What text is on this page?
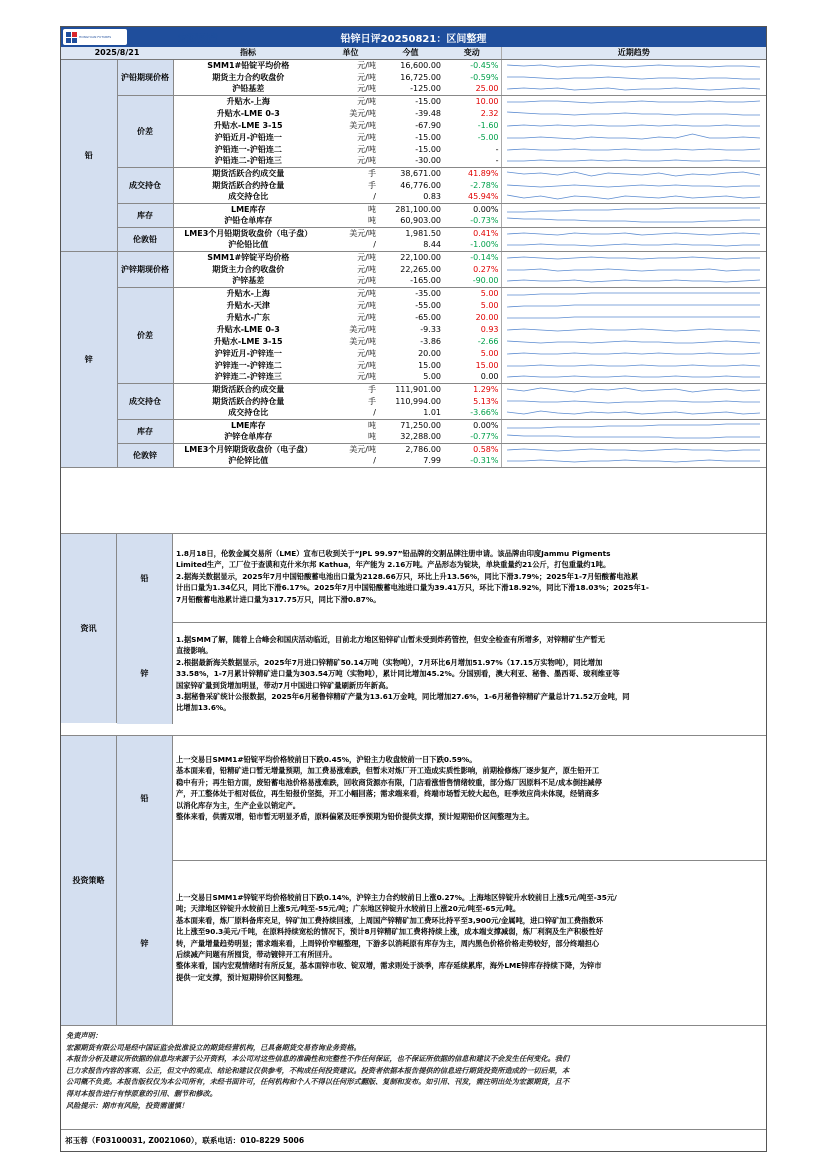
宏源期货
HONGYUAN FUTURES	铅锌日评20250821：区间整理
2025/8/21		指标	单位	今值	变动	近期趋势
铅	沪铅期现价格	SMM1#铅锭平均价格	元/吨	16,600.00	-0.45%	

		期货主力合约收盘价	元/吨	16,725.00	-0.59%	

		沪铅基差	元/吨	-125.00	25.00	

	价差	升贴水-上海	元/吨	-15.00	10.00	

		升贴水-LME 0-3	美元/吨	-39.48	2.32	

		升贴水-LME 3-15	美元/吨	-67.90	-1.60	

		沪铅近月-沪铅连一	元/吨	-15.00	-5.00	

		沪铅连一-沪铅连二	元/吨	-15.00	-	

		沪铅连二-沪铅连三	元/吨	-30.00	-	

	成交持仓	期货活跃合约成交量	手	38,671.00	41.89%	

		期货活跃合约持仓量	手	46,776.00	-2.78%	

		成交持仓比	/	0.83	45.94%	

	库存	LME库存	吨	281,100.00	0.00%	

		沪铅仓单库存	吨	60,903.00	-0.73%	

	伦敦铅	LME3个月铅期货收盘价（电子盘）	美元/吨	1,981.50	0.41%	

		沪伦铅比值	/	8.44	-1.00%	

锌	沪锌期现价格	SMM1#锌锭平均价格	元/吨	22,100.00	-0.14%	

		期货主力合约收盘价	元/吨	22,265.00	0.27%	

		沪锌基差	元/吨	-165.00	-90.00	

	价差	升贴水-上海	元/吨	-35.00	5.00	

		升贴水-天津	元/吨	-55.00	5.00	

		升贴水-广东	元/吨	-65.00	20.00	

		升贴水-LME 0-3	美元/吨	-9.33	0.93	

		升贴水-LME 3-15	美元/吨	-3.86	-2.66	

		沪锌近月-沪锌连一	元/吨	20.00	5.00	

		沪锌连一-沪锌连二	元/吨	15.00	15.00	

		沪锌连二-沪锌连三	元/吨	5.00	0.00	

	成交持仓	期货活跃合约成交量	手	111,901.00	1.29%	

		期货活跃合约持仓量	手	110,994.00	5.13%	

		成交持仓比	/	1.01	-3.66%	

	库存	LME库存	吨	71,250.00	0.00%	

		沪锌仓单库存	吨	32,288.00	-0.77%	

	伦敦锌	LME3个月锌期货收盘价（电子盘）	美元/吨	2,786.00	0.58%	

		沪伦锌比值	/	7.99	-0.31%	
资讯
铅
1.8月18日，伦敦金属交易所（LME）宣布已收到关于“JPL 99.97”铅品牌的交割品牌注册申请。该品牌由印度Jammu Pigments
Limited生产，工厂位于查谟和克什米尔邦 Kathua，年产能为 2.16万吨。产品形态为锭块，单块重量约21公斤，打包重量约1吨。
2.据海关数据显示，2025年7月中国铅酸蓄电池出口量为2128.66万只，环比上升13.56%，同比下滑3.79%；2025年1-7月铅酸蓄电池累
计出口量为1.34亿只，同比下滑6.17%。2025年7月中国铅酸蓄电池进口量为39.41万只，环比下滑18.92%，同比下滑18.03%；2025年1-
7月铅酸蓄电池累计进口量为317.75万只，同比下滑0.87%。
锌
1.据SMM了解，随着上合峰会和国庆活动临近，目前北方地区铅锌矿山暂未受到炸药管控，但安全检查有所增多，对锌精矿生产暂无
直接影响。
2.根据最新海关数据显示，2025年7月进口锌精矿50.14万吨（实物吨），7月环比6月增加51.97%（17.15万实物吨），同比增加
33.58%，1-7月累计锌精矿进口量为303.54万吨（实物吨），累计同比增加45.2%。分国别看，澳大利亚、秘鲁、墨西哥、玻利维亚等
国家锌矿量到货增加明显，带动7月中国进口锌矿量刷新历年新高。
3.据秘鲁采矿统计公报数据，2025年6月秘鲁锌精矿产量为13.61万金吨，同比增加27.6%，1-6月秘鲁锌精矿产量总计71.52万金吨，同
比增加13.6%。
投资策略
铅
上一交易日SMM1#铅锭平均价格较前日下跌0.45%，沪铅主力收盘较前一日下跌0.59%。
基本面来看，铅精矿进口暂无增量预期，加工费易涨难跌，但暂未对炼厂开工造成实质性影响，前期检修炼厂逐步复产，原生铅开工
稳中有升；再生铅方面，废铅蓄电池价格易涨难跌，回收商货源亦有限，门店看涨惜售情绪较重，部分炼厂因原料不足/成本倒挂减停
产，开工整体处于相对低位，再生铅报价坚挺，开工小幅回落；需求端来看，终端市场暂无较大起色，旺季效应尚未体现，经销商多
以消化库存为主，生产企业以销定产。
整体来看，供需双增，铅市暂无明显矛盾，原料偏紧及旺季预期为铅价提供支撑，预计短期铅价区间整理为主。
锌
上一交易日SMM1#锌锭平均价格较前日下跌0.14%，沪锌主力合约较前日上涨0.27%。上海地区锌锭升水较前日上涨5元/吨至-35元/
吨；天津地区锌锭升水较前日上涨5元/吨至-55元/吨；广东地区锌锭升水较前日上涨20元/吨至-65元/吨。
基本面来看，炼厂原料备库充足，锌矿加工费持续回涨，上周国产锌精矿加工费环比持平至3,900元/金属吨，进口锌矿加工费指数环
比上涨至90.3美元/千吨，在原料持续宽松的情况下，预计8月锌精矿加工费将持续上涨，成本端支撑减弱，炼厂利润及生产积极性好
转，产量增量趋势明显；需求端来看，上周锌价窄幅整理，下游多以消耗原有库存为主，周内黑色价格价格走势较好，部分终端担心
后续减产问题有所囤货，带动镀锌开工有所回升。
整体来看，国内宏观情绪时有所反复，基本面锌市收、锭双增，需求则处于淡季，库存延续累库，海外LME锌库存持续下降，为锌市
提供一定支撑，预计短期锌价区间整理。
免责声明：
宏源期货有限公司是经中国证监会批准设立的期货经营机构，已具备期货交易咨询业务资格。
本报告分析及建议所依据的信息均来源于公开资料，本公司对这些信息的准确性和完整性不作任何保证，也不保证所依据的信息和建议不会发生任何变化。我们
已力求报告内容的客观、公正，但文中的观点、结论和建议仅供参考，不构成任何投资建议。投资者依据本报告提供的信息进行期货投资所造成的一切后果，本
公司概不负责。本报告版权仅为本公司所有，未经书面许可，任何机构和个人不得以任何形式翻版、复制和发布。如引用、刊发，需注明出处为宏源期货，且不
得对本报告进行有悖原意的引用、删节和修改。
风险提示：期市有风险，投资需谨慎！
祁玉蓉（F03100031, Z0021060），联系电话：010-8229 5006
